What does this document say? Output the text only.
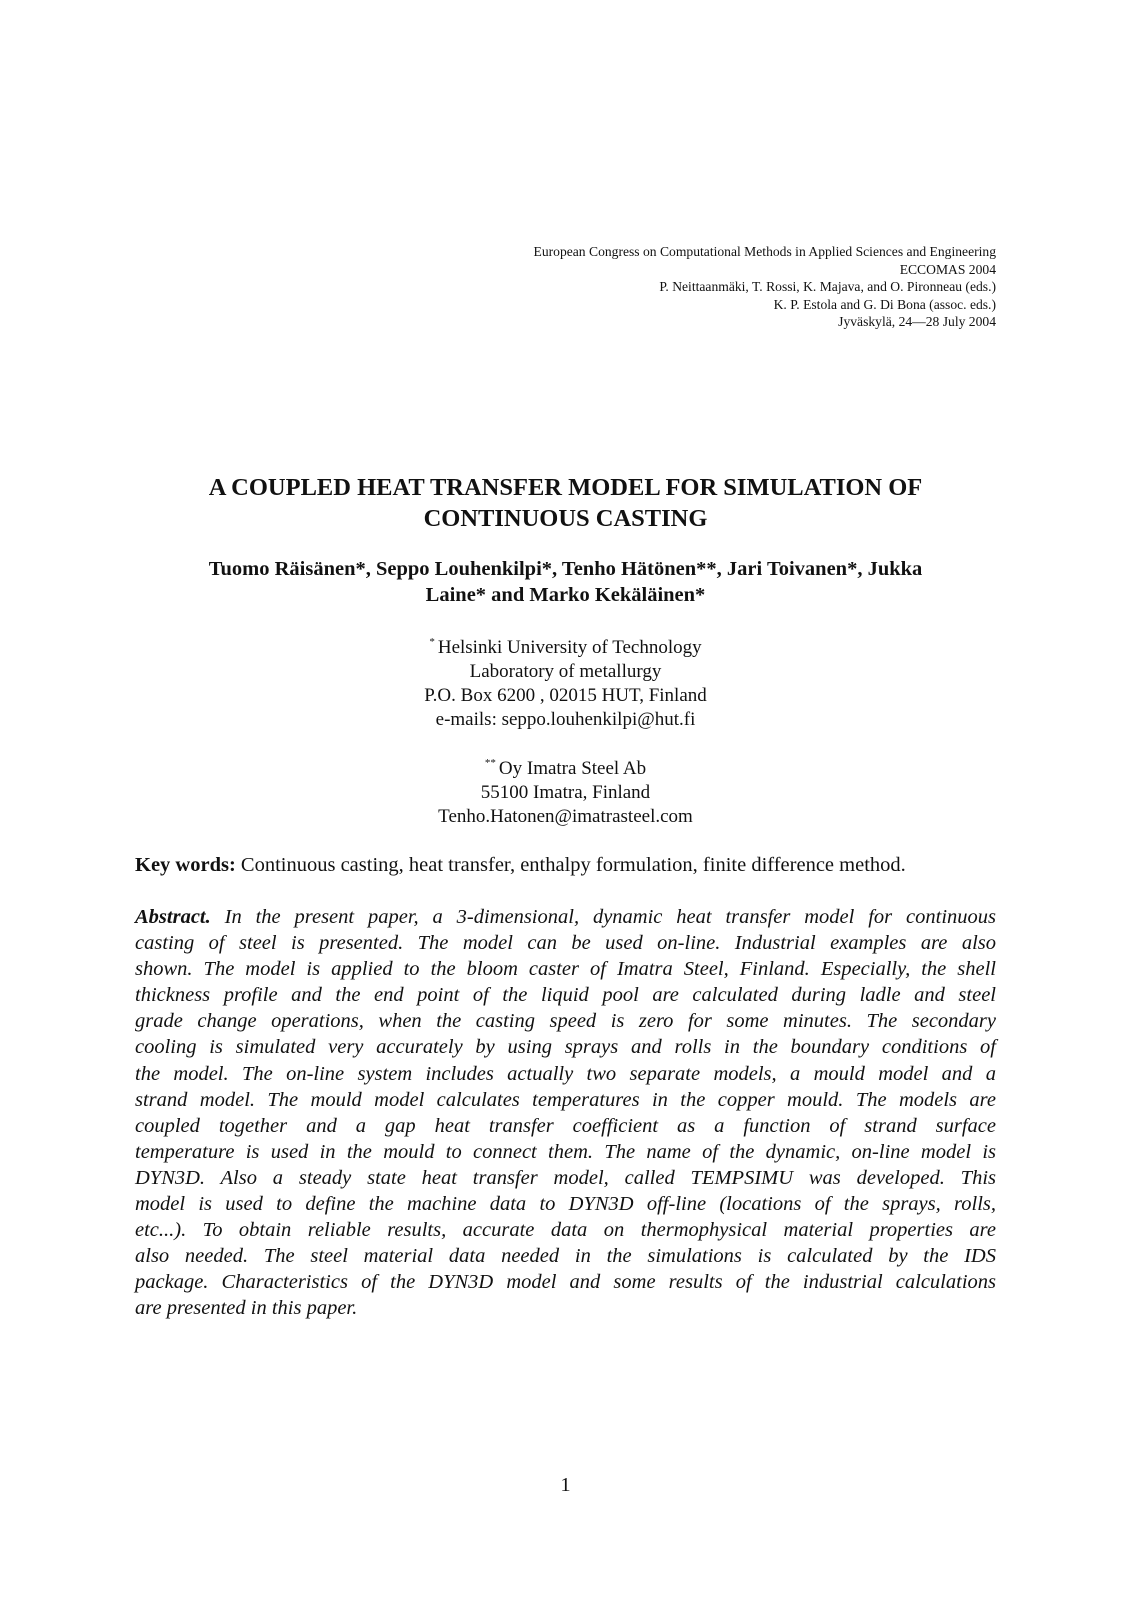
European Congress on Computational Methods in Applied Sciences and Engineering
ECCOMAS 2004
P. Neittaanmäki, T. Rossi, K. Majava, and O. Pironneau (eds.)
K. P. Estola and G. Di Bona (assoc. eds.)
Jyväskylä, 24—28 July 2004
A COUPLED HEAT TRANSFER MODEL FOR SIMULATION OF
CONTINUOUS CASTING
Tuomo Räisänen*, Seppo Louhenkilpi*, Tenho Hätönen**, Jari Toivanen*, Jukka
Laine* and Marko Kekäläinen*
* Helsinki University of Technology
Laboratory of metallurgy
P.O. Box 6200 , 02015 HUT, Finland
e-mails: seppo.louhenkilpi@hut.fi
** Oy Imatra Steel Ab
55100 Imatra, Finland
Tenho.Hatonen@imatrasteel.com
Key words: Continuous casting, heat transfer, enthalpy formulation, finite difference method.
Abstract. In the present paper, a 3-dimensional, dynamic heat transfer model for continuous
casting of steel is presented. The model can be used on-line. Industrial examples are also
shown. The model is applied to the bloom caster of Imatra Steel, Finland. Especially, the shell
thickness profile and the end point of the liquid pool are calculated during ladle and steel
grade change operations, when the casting speed is zero for some minutes. The secondary
cooling is simulated very accurately by using sprays and rolls in the boundary conditions of
the model. The on-line system includes actually two separate models, a mould model and a
strand model. The mould model calculates temperatures in the copper mould. The models are
coupled together and a gap heat transfer coefficient as a function of strand surface
temperature is used in the mould to connect them. The name of the dynamic, on-line model is
DYN3D. Also a steady state heat transfer model, called TEMPSIMU was developed. This
model is used to define the machine data to DYN3D off-line (locations of the sprays, rolls,
etc...). To obtain reliable results, accurate data on thermophysical material properties are
also needed. The steel material data needed in the simulations is calculated by the IDS
package. Characteristics of the DYN3D model and some results of the industrial calculations
are presented in this paper.
1
